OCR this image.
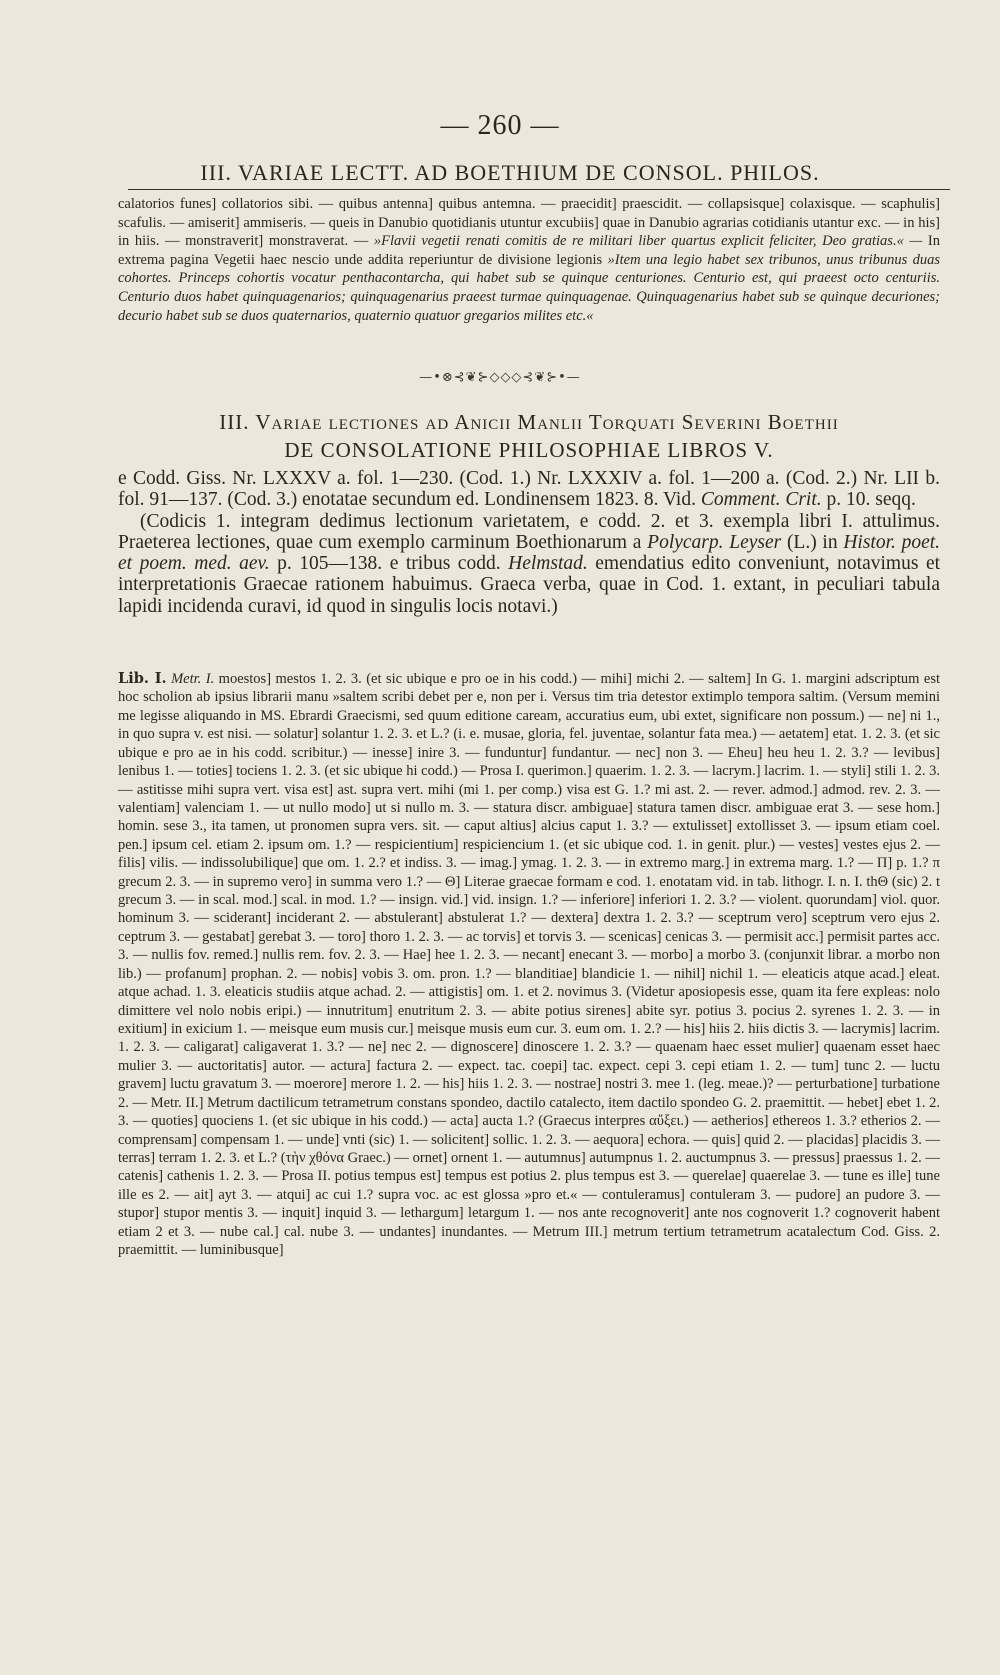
— 260 —
III. VARIAE LECTT. AD BOETHIUM DE CONSOL. PHILOS.
calatorios funes] collatorios sibi. — quibus antenna] quibus antemna. — praecidit] praescidit. — collapsisque] colaxisque. — scaphulis] scafulis. — amiserit] ammiseris. — queis in Danubio quotidianis utuntur excubiis] quae in Danubio agrarias cotidianis utantur exc. — in his] in hiis. — monstraverit] monstraverat. — »Flavii vegetii renati comitis de re militari liber quartus explicit feliciter, Deo gratias.« — In extrema pagina Vegetii haec nescio unde addita reperiuntur de divisione legionis »Item una legio habet sex tribunos, unus tribunus duas cohortes. Princeps cohortis vocatur penthacontarcha, qui habet sub se quinque centuriones. Centurio est, qui praeest octo centuriis. Centurio duos habet quinquagenarios; quinquagenarius praeest turmae quinquagenae. Quinquagenarius habet sub se quinque decuriones; decurio habet sub se duos quaternarios, quaternio quatuor gregarios milites etc.«
—•⊗⊰❦⊱◇◇◇⊰❦⊱•—
III. Variae lectiones ad Anicii Manlii Torquati Severini Boethii
DE CONSOLATIONE PHILOSOPHIAE LIBROS V.

e Codd. Giss. Nr. LXXXV a. fol. 1—230. (Cod. 1.) Nr. LXXXIV a. fol. 1—200 a. (Cod. 2.) Nr. LII b. fol. 91—137. (Cod. 3.) enotatae secundum ed. Londinensem 1823. 8. Vid. Comment. Crit. p. 10. seqq.

(Codicis 1. integram dedimus lectionum varietatem, e codd. 2. et 3. exempla libri I. attulimus. Praeterea lectiones, quae cum exemplo carminum Boethionarum a Polycarp. Leyser (L.) in Histor. poet. et poem. med. aev. p. 105—138. e tribus codd. Helmstad. emendatius edito conveniunt, notavimus et interpretationis Graecae rationem habuimus. Graeca verba, quae in Cod. 1. extant, in peculiari tabula lapidi incidenda curavi, id quod in singulis locis notavi.)

Lib. I. Metr. I. moestos] mestos 1. 2. 3. (et sic ubique e pro oe in his codd.) — mihi] michi 2. — saltem] In G. 1. margini adscriptum est hoc scholion ab ipsius librarii manu »saltem scribi debet per e, non per i. Versus tim tria detestor extimplo tempora saltim. (Versum memini me legisse aliquando in MS. Ebrardi Graecismi, sed quum editione caream, accuratius eum, ubi extet, significare non possum.) — ne] ni 1., in quo supra v. est nisi. — solatur] solantur 1. 2. 3. et L.? (i. e. musae, gloria, fel. juventae, solantur fata mea.) — aetatem] etat. 1. 2. 3. (et sic ubique e pro ae in his codd. scribitur.) — inesse] inire 3. — funduntur] fundantur. — nec] non 3. — Eheu] heu heu 1. 2. 3.? — levibus] lenibus 1. — toties] tociens 1. 2. 3. (et sic ubique hi codd.) — Prosa I. querimon.] quaerim. 1. 2. 3. — lacrym.] lacrim. 1. — styli] stili 1. 2. 3. — astitisse mihi supra vert. visa est] ast. supra vert. mihi (mi 1. per comp.) visa est G. 1.? mi ast. 2. — rever. admod.] admod. rev. 2. 3. — valentiam] valenciam 1. — ut nullo modo] ut si nullo m. 3. — statura discr. ambiguae] statura tamen discr. ambiguae erat 3. — sese hom.] homin. sese 3., ita tamen, ut pronomen supra vers. sit. — caput altius] alcius caput 1. 3.? — extulisset] extollisset 3. — ipsum etiam coel. pen.] ipsum cel. etiam 2. ipsum om. 1.? — respicientium] respiciencium 1. (et sic ubique cod. 1. in genit. plur.) — vestes] vestes ejus 2. — filis] vilis. — indissolubilique] que om. 1. 2.? et indiss. 3. — imag.] ymag. 1. 2. 3. — in extremo marg.] in extrema marg. 1.? — Π] p. 1.? π grecum 2. 3. — in supremo vero] in summa vero 1.? — Θ] Literae graecae formam e cod. 1. enotatam vid. in tab. lithogr. I. n. I. thΘ (sic) 2. t grecum 3. — in scal. mod.] scal. in mod. 1.? — insign. vid.] vid. insign. 1.? — inferiore] inferiori 1. 2. 3.? — violent. quorundam] viol. quor. hominum 3. — sciderant] inciderant 2. — abstulerant] abstulerat 1.? — dextera] dextra 1. 2. 3.? — sceptrum vero] sceptrum vero ejus 2. ceptrum 3. — gestabat] gerebat 3. — toro] thoro 1. 2. 3. — ac torvis] et torvis 3. — scenicas] cenicas 3. — permisit acc.] permisit partes acc. 3. — nullis fov. remed.] nullis rem. fov. 2. 3. — Hae] hee 1. 2. 3. — necant] enecant 3. — morbo] a morbo 3. (conjunxit librar. a morbo non lib.) — profanum] prophan. 2. — nobis] vobis 3. om. pron. 1.? — blanditiae] blandicie 1. — nihil] nichil 1. — eleaticis atque acad.] eleat. atque achad. 1. 3. eleaticis studiis atque achad. 2. — attigistis] om. 1. et 2. novimus 3. (Videtur aposiopesis esse, quam ita fere expleas: nolo dimittere vel nolo nobis eripi.) — innutritum] enutritum 2. 3. — abite potius sirenes] abite syr. potius 3. pocius 2. syrenes 1. 2. 3. — in exitium] in exicium 1. — meisque eum musis cur.] meisque musis eum cur. 3. eum om. 1. 2.? — his] hiis 2. hiis dictis 3. — lacrymis] lacrim. 1. 2. 3. — caligarat] caligaverat 1. 3.? — ne] nec 2. — dignoscere] dinoscere 1. 2. 3.? — quaenam haec esset mulier] quaenam esset haec mulier 3. — auctoritatis] autor. — actura] factura 2. — expect. tac. coepi] tac. expect. cepi 3. cepi etiam 1. 2. — tum] tunc 2. — luctu gravem] luctu gravatum 3. — moerore] merore 1. 2. — his] hiis 1. 2. 3. — nostrae] nostri 3. mee 1. (leg. meae.)? — perturbatione] turbatione 2. — Metr. II.] Metrum dactilicum tetrametrum constans spondeo, dactilo catalecto, item dactilo spondeo G. 2. praemittit. — hebet] ebet 1. 2. 3. — quoties] quociens 1. (et sic ubique in his codd.) — acta] aucta 1.? (Graecus interpres αὔξει.) — aetherios] ethereos 1. 3.? etherios 2. — comprensam] compensam 1. — unde] vnti (sic) 1. — solicitent] sollic. 1. 2. 3. — aequora] echora. — quis] quid 2. — placidas] placidis 3. — terras] terram 1. 2. 3. et L.? (τὴν χθόνα Graec.) — ornet] ornent 1. — autumnus] autumpnus 1. 2. auctumpnus 3. — pressus] praessus 1. 2. — catenis] cathenis 1. 2. 3. — Prosa II. potius tempus est] tempus est potius 2. plus tempus est 3. — querelae] quaerelae 3. — tune es ille] tune ille es 2. — ait] ayt 3. — atqui] ac cui 1.? supra voc. ac est glossa »pro et.« — contuleramus] contuleram 3. — pudore] an pudore 3. — stupor] stupor mentis 3. — inquit] inquid 3. — lethargum] letargum 1. — nos ante recognoverit] ante nos cognoverit 1.? cognoverit habent etiam 2 et 3. — nube cal.] cal. nube 3. — undantes] inundantes. — Metrum III.] metrum tertium tetrametrum acatalectum Cod. Giss. 2. praemittit. — luminibusque]
